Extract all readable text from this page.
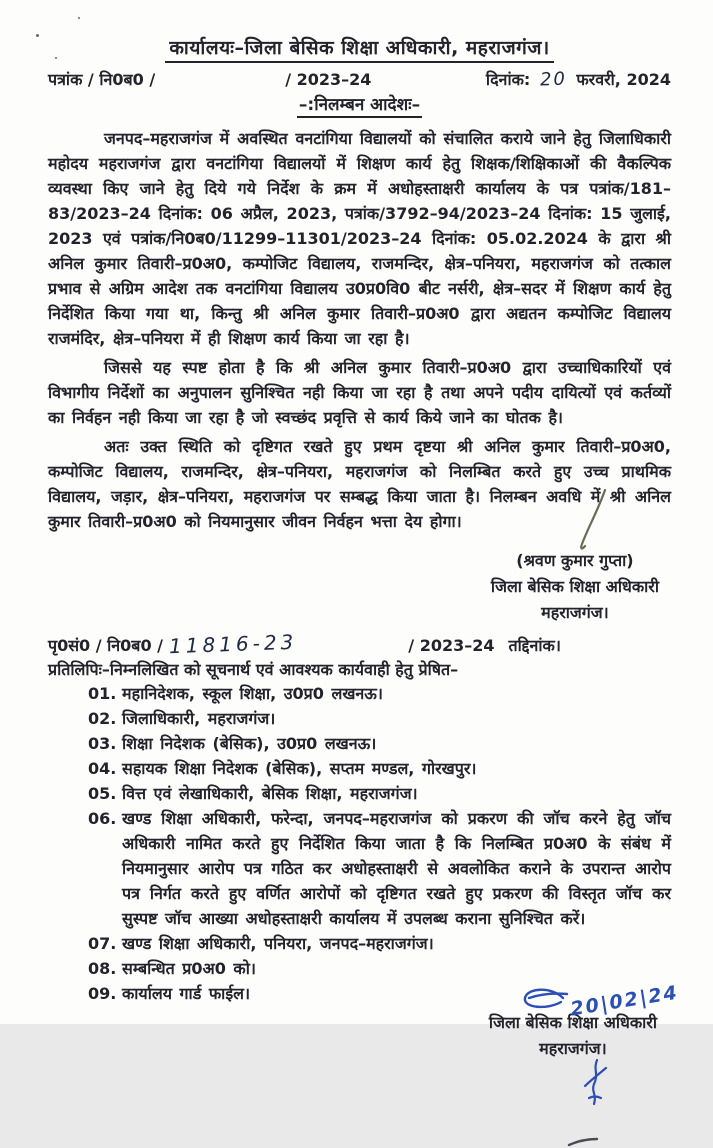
कार्यालयः–जिला बेसिक शिक्षा अधिकारी, महराजगंज।
पत्रांक / नि0ब0 /	/ 2023–24	दिनांक: 20 फरवरी, 2024
–:निलम्बन आदेशः–

जनपद–महराजगंज में अवस्थित वनटांगिया विद्यालयों को संचालित कराये जाने हेतु जिलाधिकारी महोदय महराजगंज द्वारा वनटांगिया विद्यालयों में शिक्षण कार्य हेतु शिक्षक/शिक्षिकाओं की वैकल्पिक व्यवस्था किए जाने हेतु दिये गये निर्देश के क्रम में अधोहस्ताक्षरी कार्यालय के पत्र पत्रांक/181–83/2023–24 दिनांक: 06 अप्रैल, 2023, पत्रांक/3792–94/2023–24 दिनांक: 15 जुलाई, 2023 एवं पत्रांक/नि0ब0/11299–11301/2023–24 दिनांक: 05.02.2024 के द्वारा श्री अनिल कुमार तिवारी–प्र0अ0, कम्पोजिट विद्यालय, राजमन्दिर, क्षेत्र–पनियरा, महराजगंज को तत्काल प्रभाव से अग्रिम आदेश तक वनटांगिया विद्यालय उ0प्र0वि0 बीट नर्सरी, क्षेत्र–सदर में शिक्षण कार्य हेतु निर्देशित किया गया था, किन्तु श्री अनिल कुमार तिवारी–प्र0अ0 द्वारा अद्यतन कम्पोजिट विद्यालय राजमंदिर, क्षेत्र–पनियरा में ही शिक्षण कार्य किया जा रहा है।

जिससे यह स्पष्ट होता है कि श्री अनिल कुमार तिवारी–प्र0अ0 द्वारा उच्चाधिकारियों एवं विभागीय निर्देशों का अनुपालन सुनिश्चित नही किया जा रहा है तथा अपने पदीय दायित्यों एवं कर्तव्यों का निर्वहन नही किया जा रहा है जो स्वच्छंद प्रवृत्ति से कार्य किये जाने का घोतक है।

अतः उक्त स्थिति को दृष्टिगत रखते हुए प्रथम दृष्टया श्री अनिल कुमार तिवारी–प्र0अ0, कम्पोजिट विद्यालय, राजमन्दिर, क्षेत्र–पनियरा, महराजगंज को निलम्बित करते हुए उच्च प्राथमिक विद्यालय, जड़ार, क्षेत्र–पनियरा, महराजगंज पर सम्बद्ध किया जाता है। निलम्बन अवधि में श्री अनिल कुमार तिवारी–प्र0अ0 को नियमानुसार जीवन निर्वहन भत्ता देय होगा।

(श्रवण कुमार गुप्ता)
जिला बेसिक शिक्षा अधिकारी
महराजगंज।
पृ0सं0 / नि0ब0 / 11816-23	/ 2023–24 तद्दिनांक।
प्रतिलिपिः–निम्नलिखित को सूचनार्थ एवं आवश्यक कार्यवाही हेतु प्रेषित–
01. महानिदेशक, स्कूल शिक्षा, उ0प्र0 लखनऊ।
02. जिलाधिकारी, महराजगंज।
03. शिक्षा निदेशक (बेसिक), उ0प्र0 लखनऊ।
04. सहायक शिक्षा निदेशक (बेसिक), सप्तम मण्डल, गोरखपुर।
05. वित्त एवं लेखाधिकारी, बेसिक शिक्षा, महराजगंज।
06. खण्ड शिक्षा अधिकारी, फरेन्दा, जनपद–महराजगंज को प्रकरण की जॉच करने हेतु जॉच अधिकारी नामित करते हुए निर्देशित किया जाता है कि निलम्बित प्र0अ0 के संबंध में नियमानुसार आरोप पत्र गठित कर अधोहस्ताक्षरी से अवलोकित कराने के उपरान्त आरोप पत्र निर्गत करते हुए वर्णित आरोपों को दृष्टिगत रखते हुए प्रकरण की विस्तृत जॉच कर सुस्पष्ट जॉच आख्या अधोहस्ताक्षरी कार्यालय में उपलब्ध कराना सुनिश्चित करें।
07. खण्ड शिक्षा अधिकारी, पनियरा, जनपद–महराजगंज।
08. सम्बन्धित प्र0अ0 को।
09. कार्यालय गार्ड फाईल।	20|02|24
जिला बेसिक शिक्षा अधिकारी
महराजगंज।
